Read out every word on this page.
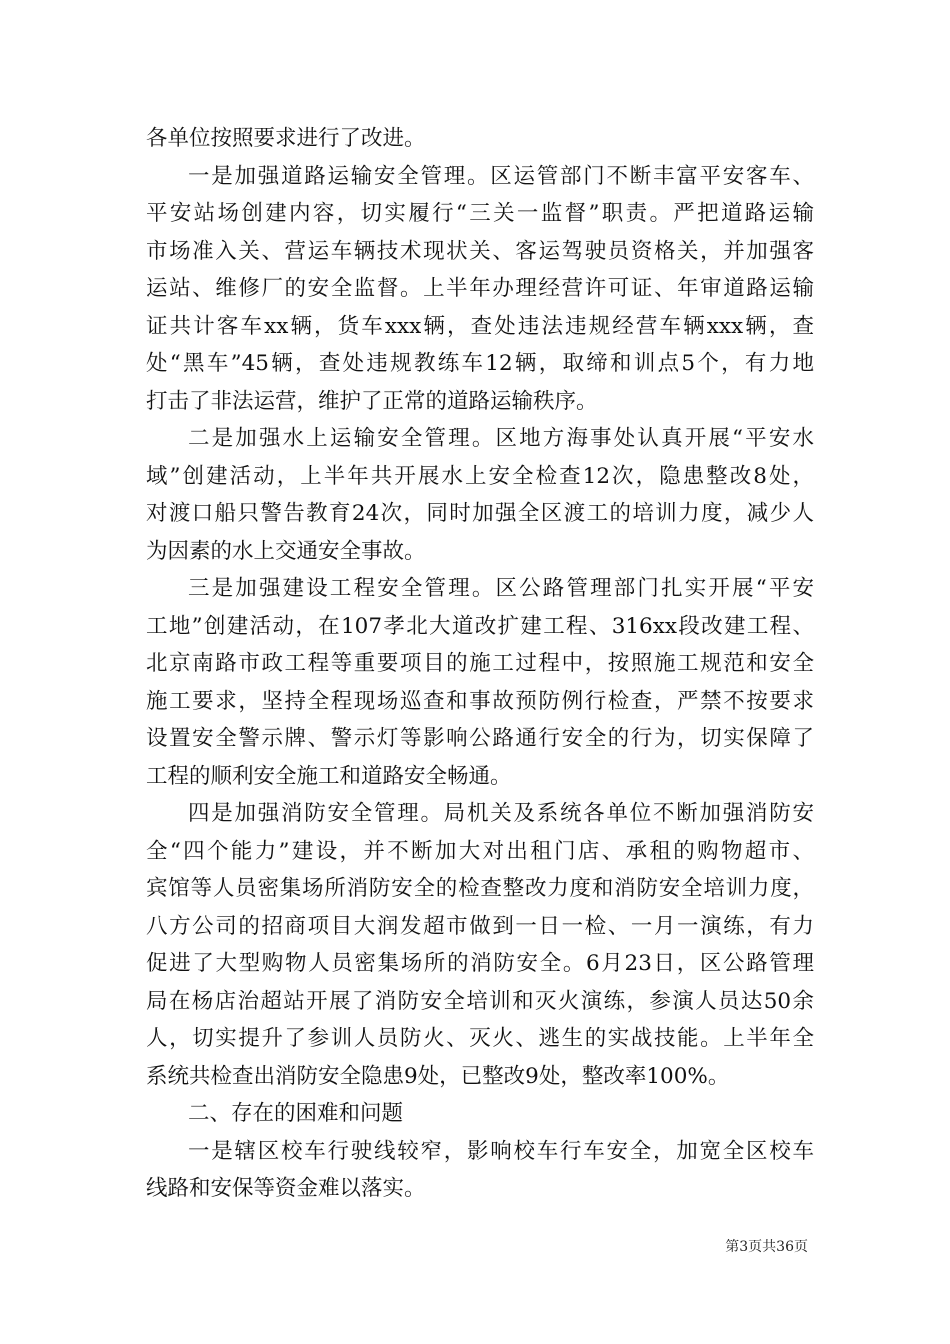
各单位按照要求进行了改进。
一是加强道路运输安全管理。区运管部门不断丰富平安客车、
平安站场创建内容，切实履行“三关一监督”职责。严把道路运输
市场准入关、营运车辆技术现状关、客运驾驶员资格关，并加强客
运站、维修厂的安全监督。上半年办理经营许可证、年审道路运输
证共计客车xx辆，货车xxx辆，查处违法违规经营车辆xxx辆，查
处“黑车”45辆，查处违规教练车12辆，取缔和训点5个，有力地
打击了非法运营，维护了正常的道路运输秩序。
二是加强水上运输安全管理。区地方海事处认真开展“平安水
域”创建活动，上半年共开展水上安全检查12次，隐患整改8处，
对渡口船只警告教育24次，同时加强全区渡工的培训力度，减少人
为因素的水上交通安全事故。
三是加强建设工程安全管理。区公路管理部门扎实开展“平安
工地”创建活动，在107孝北大道改扩建工程、316xx段改建工程、
北京南路市政工程等重要项目的施工过程中，按照施工规范和安全
施工要求，坚持全程现场巡查和事故预防例行检查，严禁不按要求
设置安全警示牌、警示灯等影响公路通行安全的行为，切实保障了
工程的顺利安全施工和道路安全畅通。
四是加强消防安全管理。局机关及系统各单位不断加强消防安
全“四个能力”建设，并不断加大对出租门店、承租的购物超市、
宾馆等人员密集场所消防安全的检查整改力度和消防安全培训力度，
八方公司的招商项目大润发超市做到一日一检、一月一演练，有力
促进了大型购物人员密集场所的消防安全。6月23日，区公路管理
局在杨店治超站开展了消防安全培训和灭火演练，参演人员达50余
人，切实提升了参训人员防火、灭火、逃生的实战技能。上半年全
系统共检查出消防安全隐患9处，已整改9处，整改率100%。
二、存在的困难和问题
一是辖区校车行驶线较窄，影响校车行车安全，加宽全区校车
线路和安保等资金难以落实。
第3页共36页
